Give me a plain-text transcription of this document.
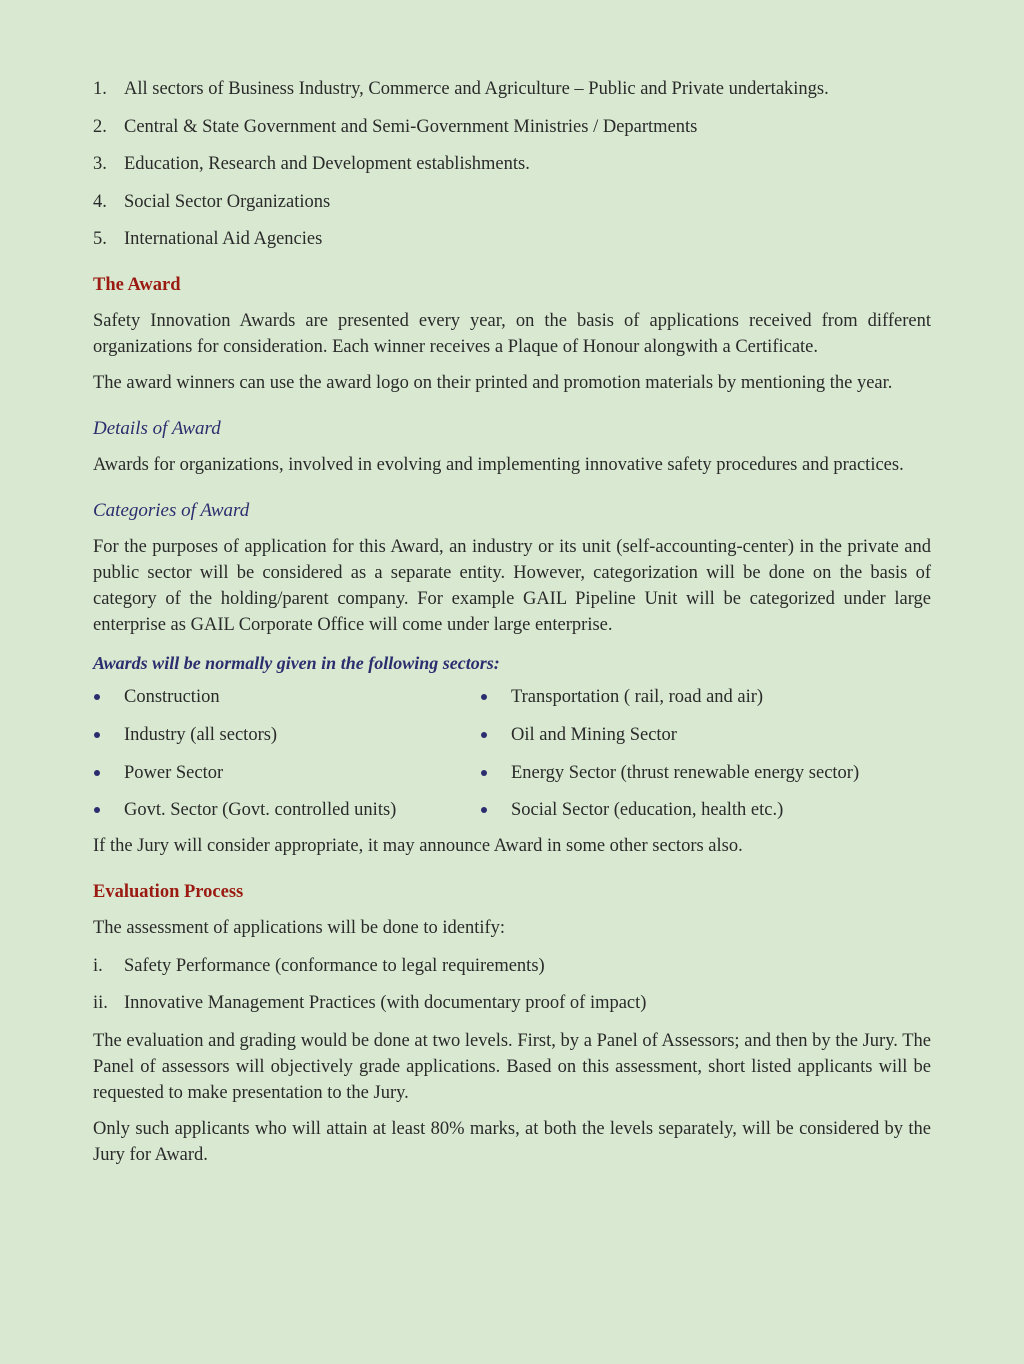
1. All sectors of Business Industry, Commerce and Agriculture – Public and Private undertakings.
2. Central & State Government and Semi-Government Ministries / Departments
3. Education, Research and Development establishments.
4. Social Sector Organizations
5. International Aid Agencies
The Award

Safety Innovation Awards are presented every year, on the basis of applications received from different organizations for consideration. Each winner receives a Plaque of Honour alongwith a Certificate.

The award winners can use the award logo on their printed and promotion materials by mentioning the year.

Details of Award

Awards for organizations, involved in evolving and implementing innovative safety procedures and practices.

Categories of Award

For the purposes of application for this Award, an industry or its unit (self-accounting-center) in the private and public sector will be considered as a separate entity. However, categorization will be done on the basis of category of the holding/parent company. For example GAIL Pipeline Unit will be categorized under large enterprise as GAIL Corporate Office will come under large enterprise.

Awards will be normally given in the following sectors:
Construction	Transportation ( rail, road and air)
Industry (all sectors)	Oil and Mining Sector
Power Sector	Energy Sector (thrust renewable energy sector)
Govt. Sector (Govt. controlled units)	Social Sector (education, health etc.)

If the Jury will consider appropriate, it may announce Award in some other sectors also.

Evaluation Process

The assessment of applications will be done to identify:

i.	Safety Performance (conformance to legal requirements)
ii. Innovative Management Practices (with documentary proof of impact)

The evaluation and grading would be done at two levels. First, by a Panel of Assessors; and then by the Jury. The Panel of assessors will objectively grade applications. Based on this assessment, short listed applicants will be requested to make presentation to the Jury.

Only such applicants who will attain at least 80% marks, at both the levels separately, will be considered by the Jury for Award.
